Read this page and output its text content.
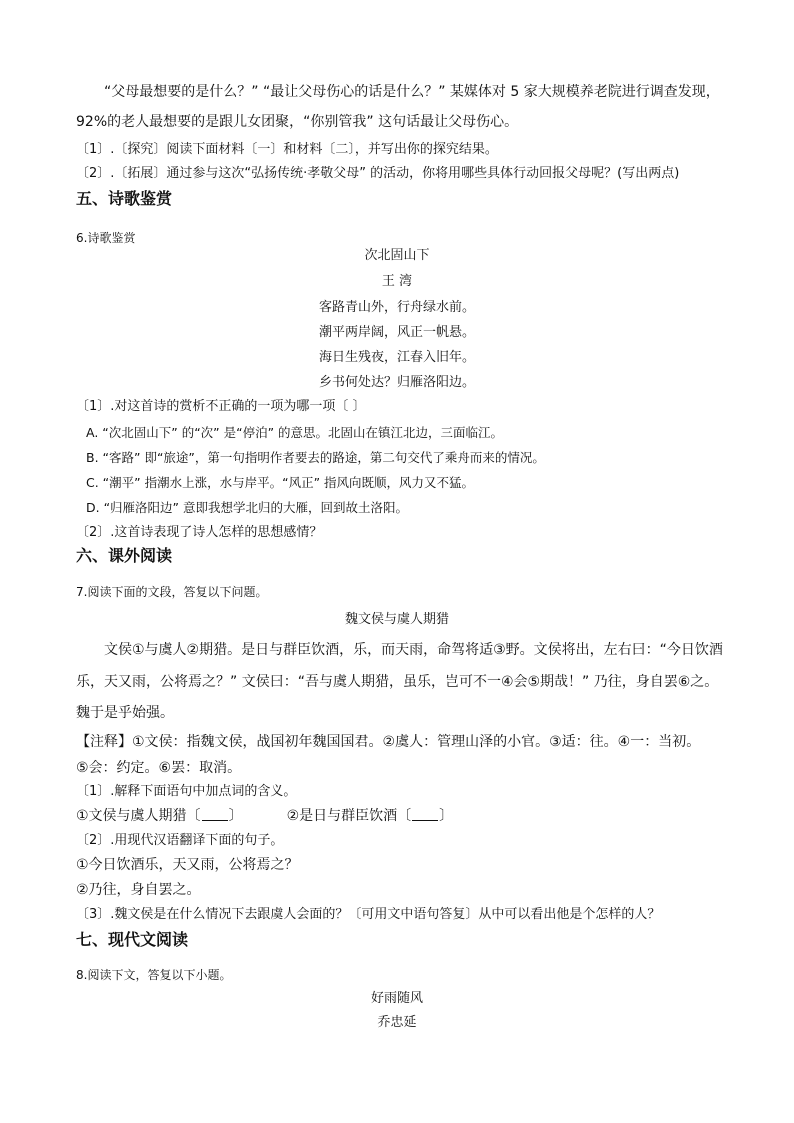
“父母最想要的是什么？” “最让父母伤心的话是什么？” 某媒体对 5 家大规模养老院进行调查发现，
92%的老人最想要的是跟儿女团聚，“你别管我” 这句话最让父母伤心。
〔1〕.〔探究〕阅读下面材料〔一〕和材料〔二〕，并写出你的探究结果。
〔2〕.〔拓展〕通过参与这次“弘扬传统·孝敬父母” 的活动，你将用哪些具体行动回报父母呢？(写出两点)
五、诗歌鉴赏
6.诗歌鉴赏
次北固山下
王 湾
客路青山外，行舟绿水前。
潮平两岸阔，风正一帆悬。
海日生残夜，江春入旧年。
乡书何处达？归雁洛阳边。
〔1〕.对这首诗的赏析不正确的一项为哪一项〔 〕
A. “次北固山下” 的“次” 是“停泊” 的意思。北固山在镇江北边，三面临江。
B. “客路” 即“旅途”，第一句指明作者要去的路途，第二句交代了乘舟而来的情况。
C. “潮平” 指潮水上涨，水与岸平。“风正” 指风向既顺，风力又不猛。
D. “归雁洛阳边” 意即我想学北归的大雁，回到故土洛阳。
〔2〕.这首诗表现了诗人怎样的思想感情？
六、课外阅读
7.阅读下面的文段，答复以下问题。
魏文侯与虞人期猎
文侯①与虞人②期猎。是日与群臣饮酒，乐，而天雨，命驾将适③野。文侯将出，左右曰：“今日饮酒
乐，天又雨，公将焉之？” 文侯曰：“吾与虞人期猎，虽乐，岂可不一④会⑤期哉！” 乃往，身自罢⑥之。
魏于是乎始强。
【注释】①文侯：指魏文侯，战国初年魏国国君。②虞人：管理山泽的小官。③适：往。④一：当初。
⑤会：约定。⑥罢：取消。
〔1〕.解释下面语句中加点词的含义。
①文侯与虞人期猎〔 〕	②是日与群臣饮酒〔 〕
〔2〕.用现代汉语翻译下面的句子。
①今日饮酒乐，天又雨，公将焉之？
②乃往，身自罢之。
〔3〕.魏文侯是在什么情况下去跟虞人会面的？〔可用文中语句答复〕从中可以看出他是个怎样的人？
七、现代文阅读
8.阅读下文，答复以下小题。
好雨随风
乔忠延
